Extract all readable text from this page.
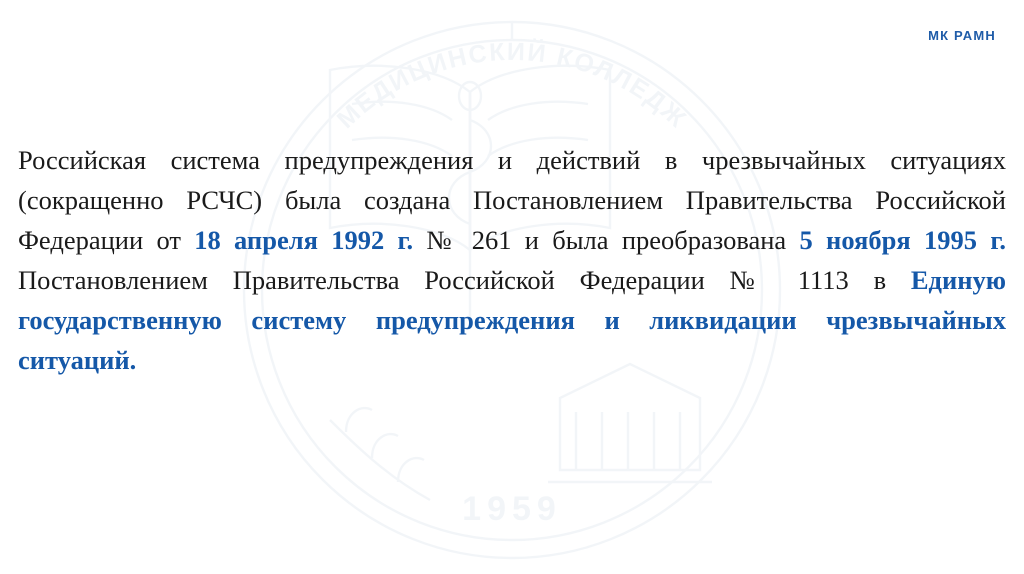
МЕДИЦИНСКИЙ КОЛЛЕДЖ
1959
МК РАМН

Российская система предупреждения и действий в чрезвычайных ситуациях (сокращенно РСЧС) была создана Постановлением Правительства Российской Федерации от 18 апреля 1992 г. № 261 и была преобразована 5 ноября 1995 г. Постановлением Правительства Российской Федерации № 1113 в Единую государственную систему предупреждения и ликвидации чрезвычайных ситуаций.
